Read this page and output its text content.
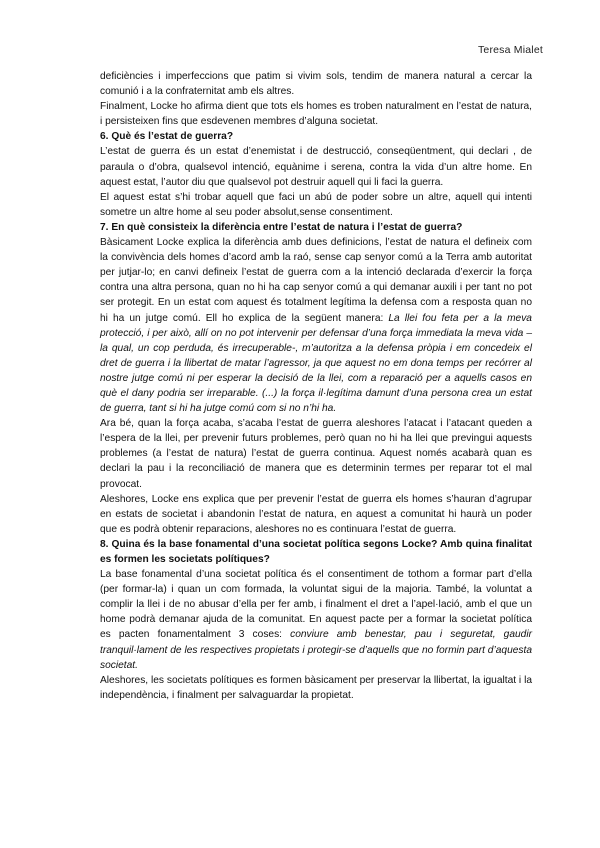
Teresa Mialet

deficiències i imperfeccions que patim si vivim sols, tendim de manera natural a cercar la comunió i a la confraternitat amb els altres.

Finalment, Locke ho afirma dient que tots els homes es troben naturalment en l’estat de natura, i persisteixen fins que esdevenen membres d’alguna societat.

6. Què és l’estat de guerra?

L’estat de guerra és un estat d’enemistat i de destrucció, conseqüentment, qui declari , de paraula o d’obra, qualsevol intenció, equànime i serena, contra la vida d’un altre home. En aquest estat, l’autor diu que qualsevol pot destruir aquell qui li faci la guerra.

El aquest estat s’hi trobar aquell que faci un abú de poder sobre un altre, aquell qui intenti sometre un altre home al seu poder absolut,sense consentiment.

7. En què consisteix la diferència entre l’estat de natura i l’estat de guerra?

Bàsicament Locke explica la diferència amb dues definicions, l’estat de natura el defineix com la convivència dels homes d’acord amb la raó, sense cap senyor comú a la Terra amb autoritat per jutjar-lo; en canvi defineix l’estat de guerra com a la intenció declarada d’exercir la força contra una altra persona, quan no hi ha cap senyor comú a qui demanar auxili i per tant no pot ser protegit. En un estat com aquest és totalment legítima la defensa com a resposta quan no hi ha un jutge comú. Ell ho explica de la següent manera: La llei fou feta per a la meva protecció, i per això, allí on no pot intervenir per defensar d’una força immediata la meva vida – la qual, un cop perduda, és irrecuperable-, m’autoritza a la defensa pròpia i em concedeix el dret de guerra i la llibertat de matar l’agressor, ja que aquest no em dona temps per recórrer al nostre jutge comú ni per esperar la decisió de la llei, com a reparació per a aquells casos en què el dany podria ser irreparable. (...) la força il·legítima damunt d’una persona crea un estat de guerra, tant si hi ha jutge comú com si no n’hi ha.

Ara bé, quan la força acaba, s’acaba l’estat de guerra aleshores l’atacat i l’atacant queden a l’espera de la llei, per prevenir futurs problemes, però quan no hi ha llei que previngui aquests problemes (a l’estat de natura) l’estat de guerra continua. Aquest només acabarà quan es declari la pau i la reconciliació de manera que es determinin termes per reparar tot el mal provocat.

Aleshores, Locke ens explica que per prevenir l’estat de guerra els homes s’hauran d’agrupar en estats de societat i abandonin l’estat de natura, en aquest a comunitat hi haurà un poder que es podrà obtenir reparacions, aleshores no es continuara l’estat de guerra.

8. Quina és la base fonamental d’una societat política segons Locke? Amb quina finalitat es formen les societats polítiques?

La base fonamental d’una societat política és el consentiment de tothom a formar part d’ella (per formar-la) i quan un com formada, la voluntat sigui de la majoria. També, la voluntat a complir la llei i de no abusar d’ella per fer amb, i finalment el dret a l’apel·lació, amb el que un home podrà demanar ajuda de la comunitat. En aquest pacte per a formar la societat política es pacten fonamentalment 3 coses: conviure amb benestar, pau i seguretat, gaudir tranquil·lament de les respectives propietats i protegir-se d’aquells que no formin part d’aquesta societat.

Aleshores, les societats polítiques es formen bàsicament per preservar la llibertat, la igualtat i la independència, i finalment per salvaguardar la propietat.
